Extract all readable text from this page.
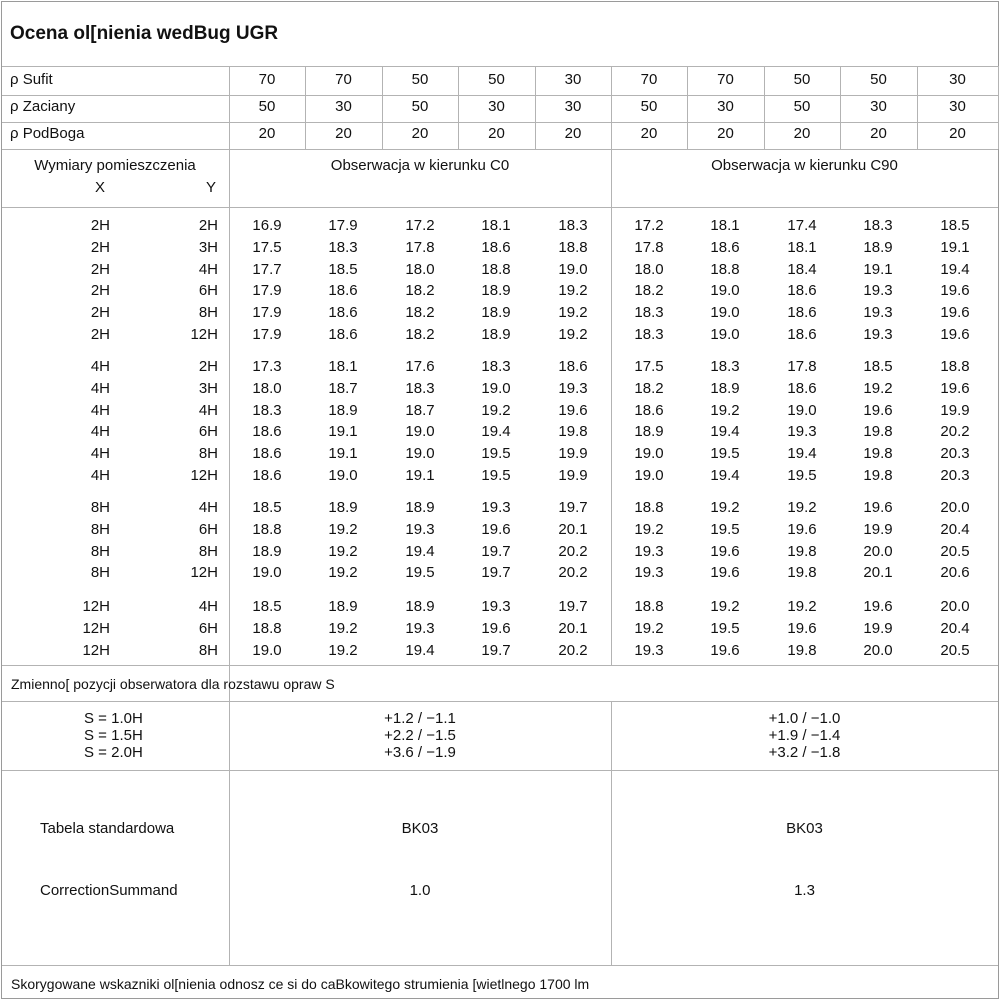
Ocena ol[nienia wedBug UGR
ρ Sufit	70	70	50	50	30	70	70	50	50	30
ρ Zaciany	50	30	50	30	30	50	30	50	30	30
ρ PodBoga	20	20	20	20	20	20	20	20	20	20
Wymiary pomieszczenia
X	Y
Obserwacja w kierunku C0	Obserwacja w kierunku C90
2H	2H	16.9	17.9	17.2	18.1	18.3	17.2	18.1	17.4	18.3	18.5
2H	3H	17.5	18.3	17.8	18.6	18.8	17.8	18.6	18.1	18.9	19.1
2H	4H	17.7	18.5	18.0	18.8	19.0	18.0	18.8	18.4	19.1	19.4
2H	6H	17.9	18.6	18.2	18.9	19.2	18.2	19.0	18.6	19.3	19.6
2H	8H	17.9	18.6	18.2	18.9	19.2	18.3	19.0	18.6	19.3	19.6
2H	12H	17.9	18.6	18.2	18.9	19.2	18.3	19.0	18.6	19.3	19.6
4H	2H	17.3	18.1	17.6	18.3	18.6	17.5	18.3	17.8	18.5	18.8
4H	3H	18.0	18.7	18.3	19.0	19.3	18.2	18.9	18.6	19.2	19.6
4H	4H	18.3	18.9	18.7	19.2	19.6	18.6	19.2	19.0	19.6	19.9
4H	6H	18.6	19.1	19.0	19.4	19.8	18.9	19.4	19.3	19.8	20.2
4H	8H	18.6	19.1	19.0	19.5	19.9	19.0	19.5	19.4	19.8	20.3
4H	12H	18.6	19.0	19.1	19.5	19.9	19.0	19.4	19.5	19.8	20.3
8H	4H	18.5	18.9	18.9	19.3	19.7	18.8	19.2	19.2	19.6	20.0
8H	6H	18.8	19.2	19.3	19.6	20.1	19.2	19.5	19.6	19.9	20.4
8H	8H	18.9	19.2	19.4	19.7	20.2	19.3	19.6	19.8	20.0	20.5
8H	12H	19.0	19.2	19.5	19.7	20.2	19.3	19.6	19.8	20.1	20.6
12H	4H	18.5	18.9	18.9	19.3	19.7	18.8	19.2	19.2	19.6	20.0
12H	6H	18.8	19.2	19.3	19.6	20.1	19.2	19.5	19.6	19.9	20.4
12H	8H	19.0	19.2	19.4	19.7	20.2	19.3	19.6	19.8	20.0	20.5
Zmienno[ pozycji obserwatora dla rozstawu opraw S
S = 1.0H	+1.2 / −1.1	+1.0 / −1.0
S = 1.5H	+2.2 / −1.5	+1.9 / −1.4
S = 2.0H	+3.6 / −1.9	+3.2 / −1.8
Tabela standardowa	BK03	BK03
CorrectionSummand	1.0	1.3
Skorygowane wskazniki ol[nienia odnosz ce si do caBkowitego strumienia [wietlnego 1700 lm
